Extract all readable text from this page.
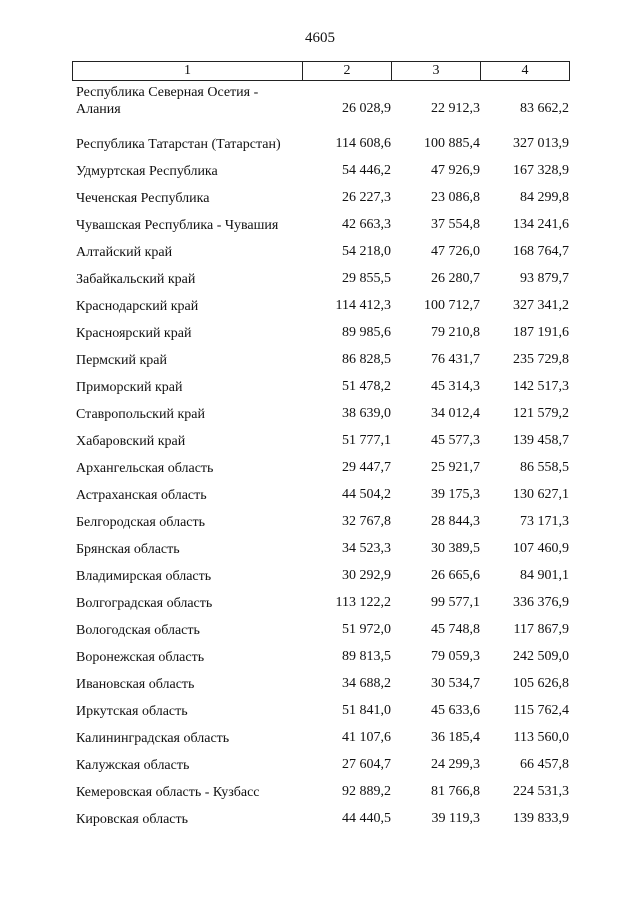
4605
1	2	3	4
Республика Северная Осетия - Алания	26 028,9	22 912,3	83 662,2
Республика Татарстан (Татарстан)	114 608,6	100 885,4	327 013,9
Удмуртская Республика	54 446,2	47 926,9	167 328,9
Чеченская Республика	26 227,3	23 086,8	84 299,8
Чувашская Республика - Чувашия	42 663,3	37 554,8	134 241,6
Алтайский край	54 218,0	47 726,0	168 764,7
Забайкальский край	29 855,5	26 280,7	93 879,7
Краснодарский край	114 412,3	100 712,7	327 341,2
Красноярский край	89 985,6	79 210,8	187 191,6
Пермский край	86 828,5	76 431,7	235 729,8
Приморский край	51 478,2	45 314,3	142 517,3
Ставропольский край	38 639,0	34 012,4	121 579,2
Хабаровский край	51 777,1	45 577,3	139 458,7
Архангельская область	29 447,7	25 921,7	86 558,5
Астраханская область	44 504,2	39 175,3	130 627,1
Белгородская область	32 767,8	28 844,3	73 171,3
Брянская область	34 523,3	30 389,5	107 460,9
Владимирская область	30 292,9	26 665,6	84 901,1
Волгоградская область	113 122,2	99 577,1	336 376,9
Вологодская область	51 972,0	45 748,8	117 867,9
Воронежская область	89 813,5	79 059,3	242 509,0
Ивановская область	34 688,2	30 534,7	105 626,8
Иркутская область	51 841,0	45 633,6	115 762,4
Калининградская область	41 107,6	36 185,4	113 560,0
Калужская область	27 604,7	24 299,3	66 457,8
Кемеровская область - Кузбасс	92 889,2	81 766,8	224 531,3
Кировская область	44 440,5	39 119,3	139 833,9
